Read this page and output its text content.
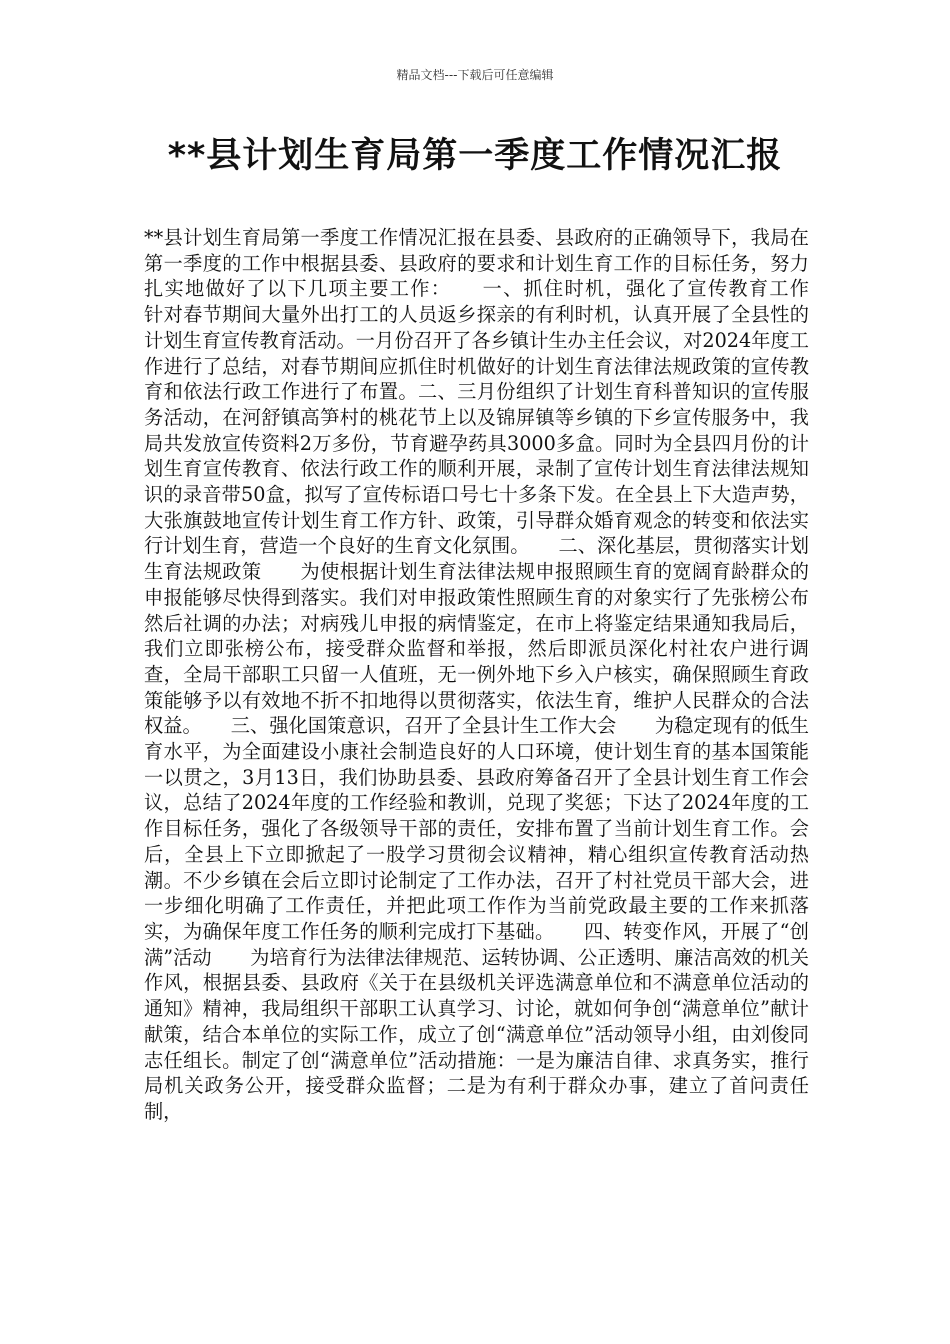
精品文档---下载后可任意编辑
**县计划生育局第一季度工作情况汇报

**县计划生育局第一季度工作情况汇报在县委、县政府的正确领导下，我局在第一季度的工作中根据县委、县政府的要求和计划生育工作的目标任务，努力扎实地做好了以下几项主要工作：　　一、抓住时机，强化了宣传教育工作　　针对春节期间大量外出打工的人员返乡探亲的有利时机，认真开展了全县性的计划生育宣传教育活动。一月份召开了各乡镇计生办主任会议，对2024年度工作进行了总结，对春节期间应抓住时机做好的计划生育法律法规政策的宣传教育和依法行政工作进行了布置。二、三月份组织了计划生育科普知识的宣传服务活动，在河舒镇高笋村的桃花节上以及锦屏镇等乡镇的下乡宣传服务中，我局共发放宣传资料2万多份，节育避孕药具3000多盒。同时为全县四月份的计划生育宣传教育、依法行政工作的顺利开展，录制了宣传计划生育法律法规知识的录音带50盒，拟写了宣传标语口号七十多条下发。在全县上下大造声势，大张旗鼓地宣传计划生育工作方针、政策，引导群众婚育观念的转变和依法实行计划生育，营造一个良好的生育文化氛围。　　二、深化基层，贯彻落实计划生育法规政策　　为使根据计划生育法律法规申报照顾生育的宽阔育龄群众的申报能够尽快得到落实。我们对申报政策性照顾生育的对象实行了先张榜公布然后社调的办法；对病残儿申报的病情鉴定，在市上将鉴定结果通知我局后，我们立即张榜公布，接受群众监督和举报，然后即派员深化村社农户进行调查，全局干部职工只留一人值班，无一例外地下乡入户核实，确保照顾生育政策能够予以有效地不折不扣地得以贯彻落实，依法生育，维护人民群众的合法权益。　　三、强化国策意识，召开了全县计生工作大会　　为稳定现有的低生育水平，为全面建设小康社会制造良好的人口环境，使计划生育的基本国策能一以贯之，3月13日，我们协助县委、县政府筹备召开了全县计划生育工作会议，总结了2024年度的工作经验和教训，兑现了奖惩；下达了2024年度的工作目标任务，强化了各级领导干部的责任，安排布置了当前计划生育工作。会后，全县上下立即掀起了一股学习贯彻会议精神，精心组织宣传教育活动热潮。不少乡镇在会后立即讨论制定了工作办法，召开了村社党员干部大会，进一步细化明确了工作责任，并把此项工作作为当前党政最主要的工作来抓落实，为确保年度工作任务的顺利完成打下基础。　　四、转变作风，开展了“创满”活动　　为培育行为法律法律规范、运转协调、公正透明、廉洁高效的机关作风，根据县委、县政府《关于在县级机关评选满意单位和不满意单位活动的通知》精神，我局组织干部职工认真学习、讨论，就如何争创“满意单位”献计献策，结合本单位的实际工作，成立了创“满意单位”活动领导小组，由刘俊同志任组长。制定了创“满意单位”活动措施：一是为廉洁自律、求真务实，推行局机关政务公开，接受群众监督；二是为有利于群众办事，建立了首问责任制，
